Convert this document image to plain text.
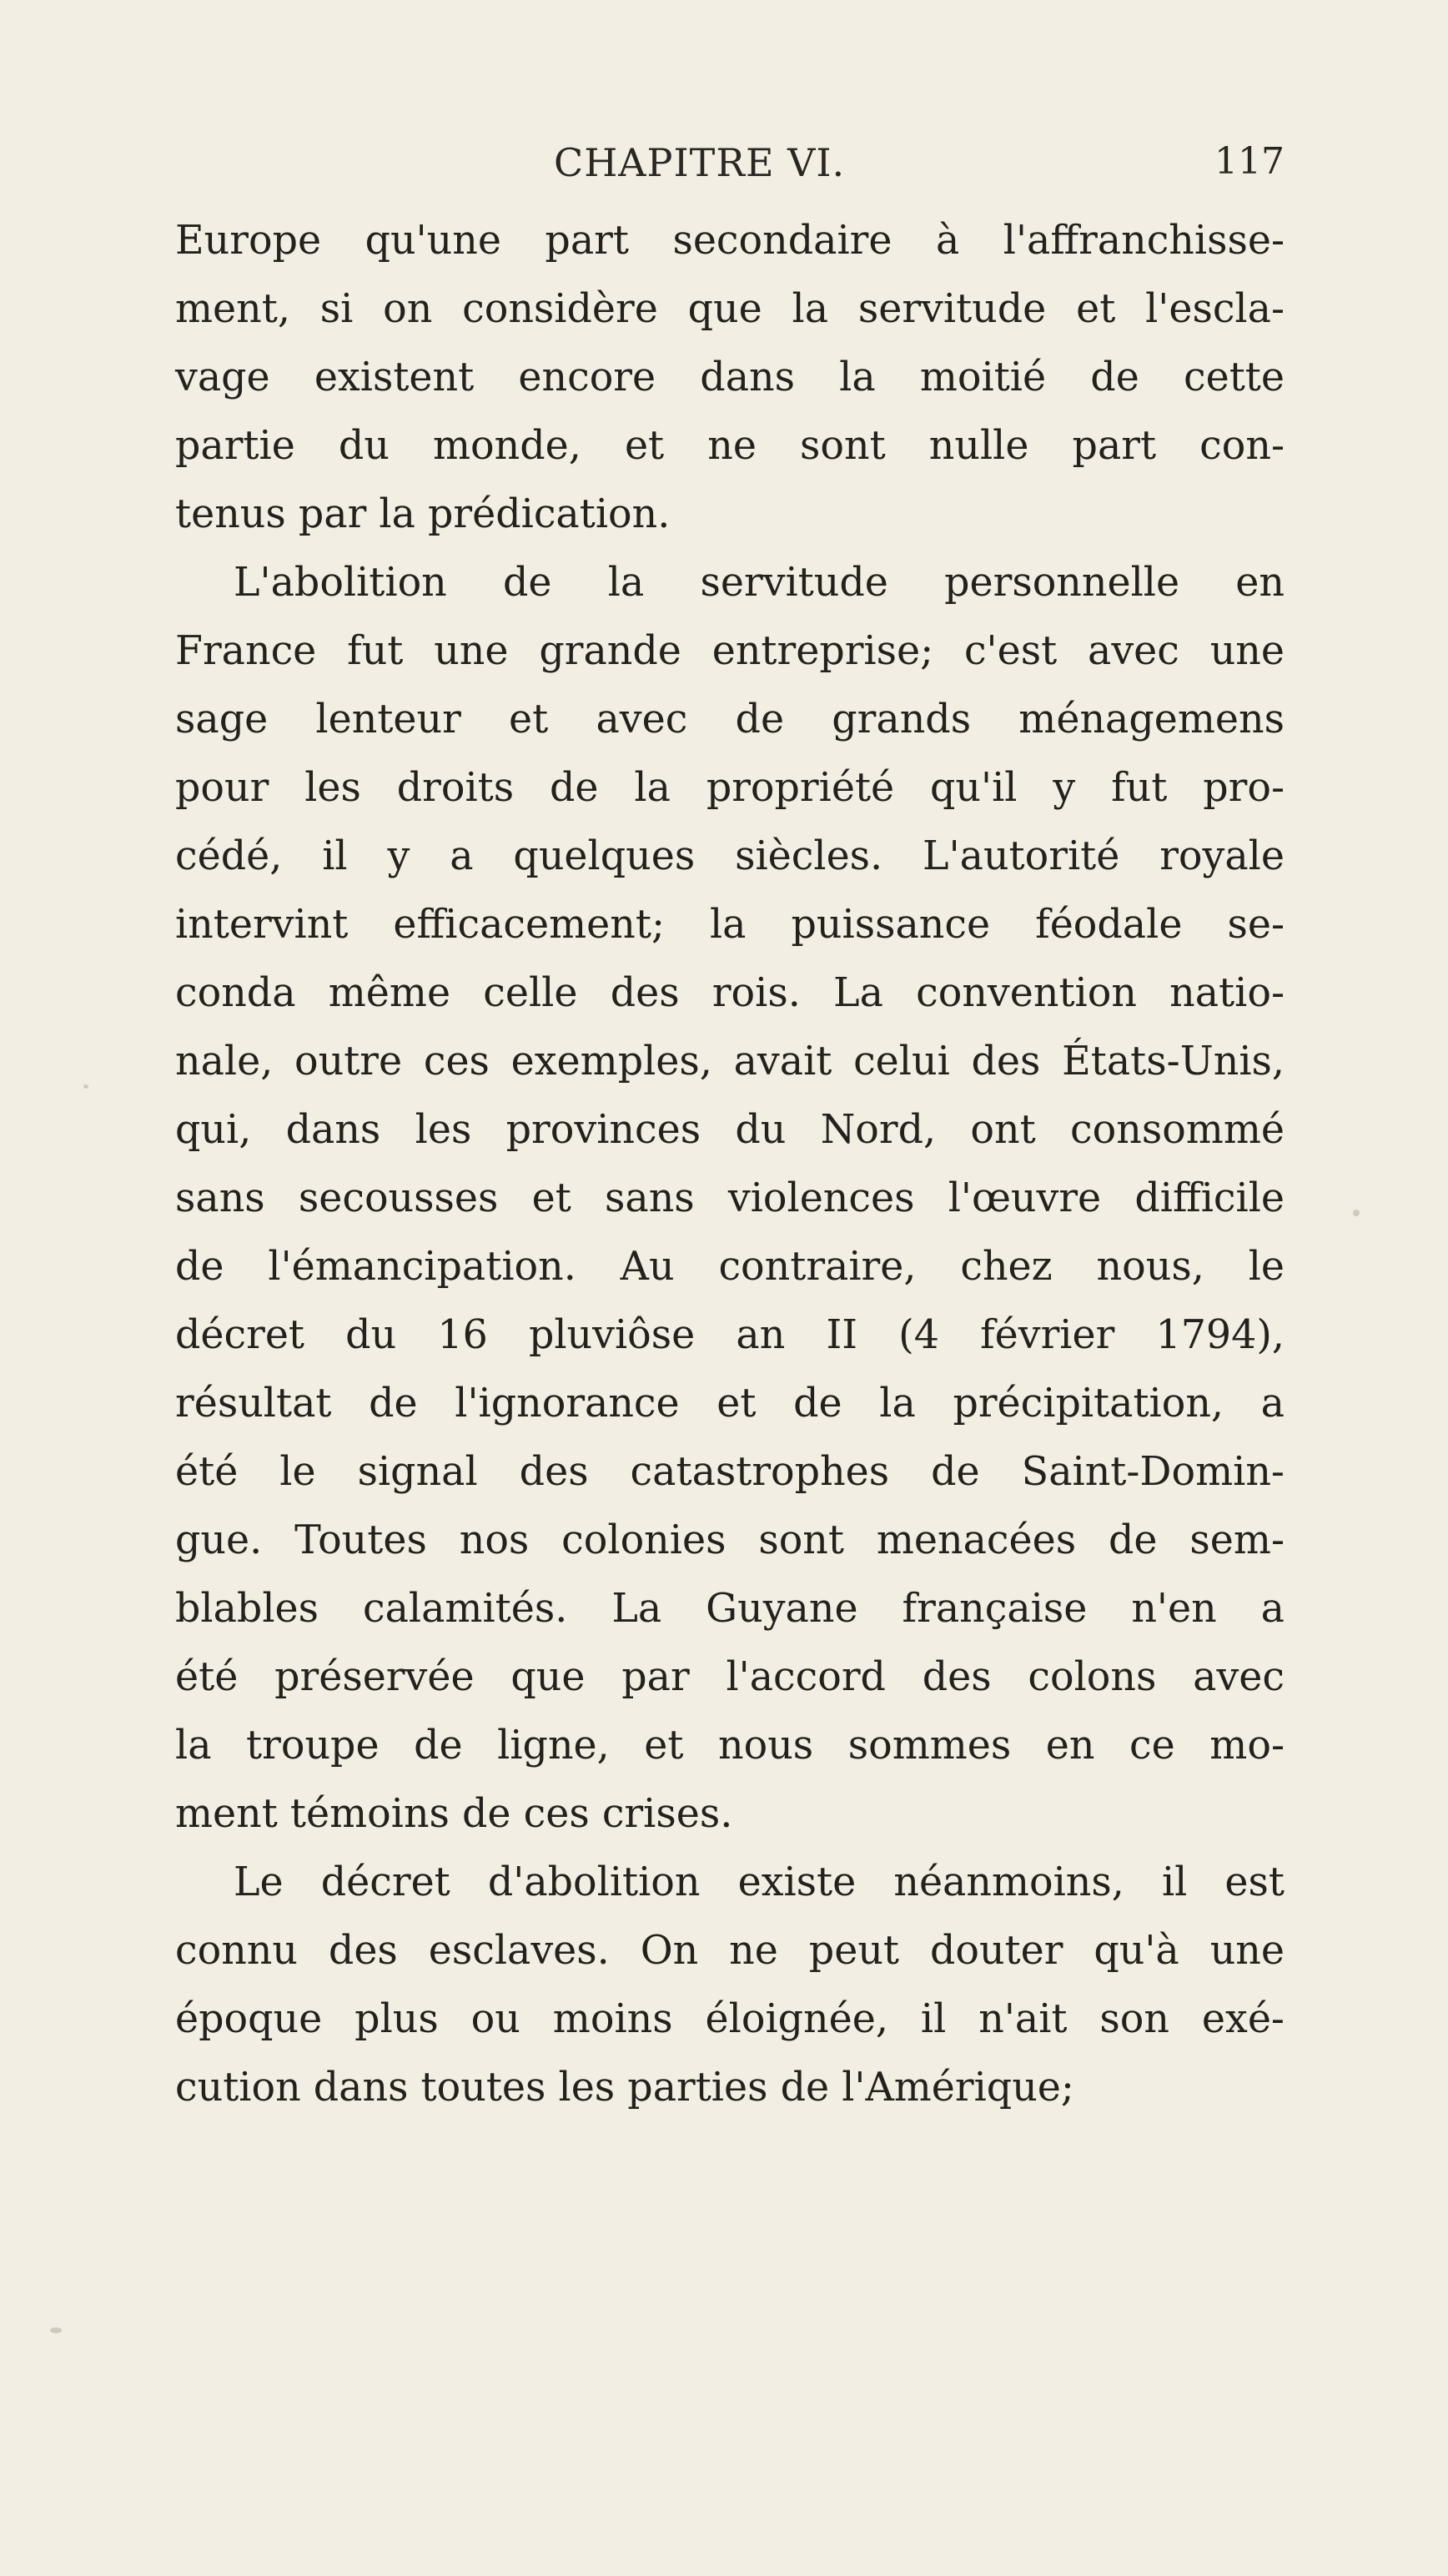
CHAPITRE VI.	117
Europe qu'une part secondaire à l'affranchisse-
ment, si on considère que la servitude et l'escla-
vage existent encore dans la moitié de cette
partie du monde, et ne sont nulle part con-
tenus par la prédication.
L'abolition de la servitude personnelle en
France fut une grande entreprise; c'est avec une
sage lenteur et avec de grands ménagemens
pour les droits de la propriété qu'il y fut pro-
cédé, il y a quelques siècles. L'autorité royale
intervint efficacement; la puissance féodale se-
conda même celle des rois. La convention natio-
nale, outre ces exemples, avait celui des États-Unis,
qui, dans les provinces du Nord, ont consommé
sans secousses et sans violences l'œuvre difficile
de l'émancipation. Au contraire, chez nous, le
décret du 16 pluviôse an II (4 février 1794),
résultat de l'ignorance et de la précipitation, a
été le signal des catastrophes de Saint-Domin-
gue. Toutes nos colonies sont menacées de sem-
blables calamités. La Guyane française n'en a
été préservée que par l'accord des colons avec
la troupe de ligne, et nous sommes en ce mo-
ment témoins de ces crises.
Le décret d'abolition existe néanmoins, il est
connu des esclaves. On ne peut douter qu'à une
époque plus ou moins éloignée, il n'ait son exé-
cution dans toutes les parties de l'Amérique;
